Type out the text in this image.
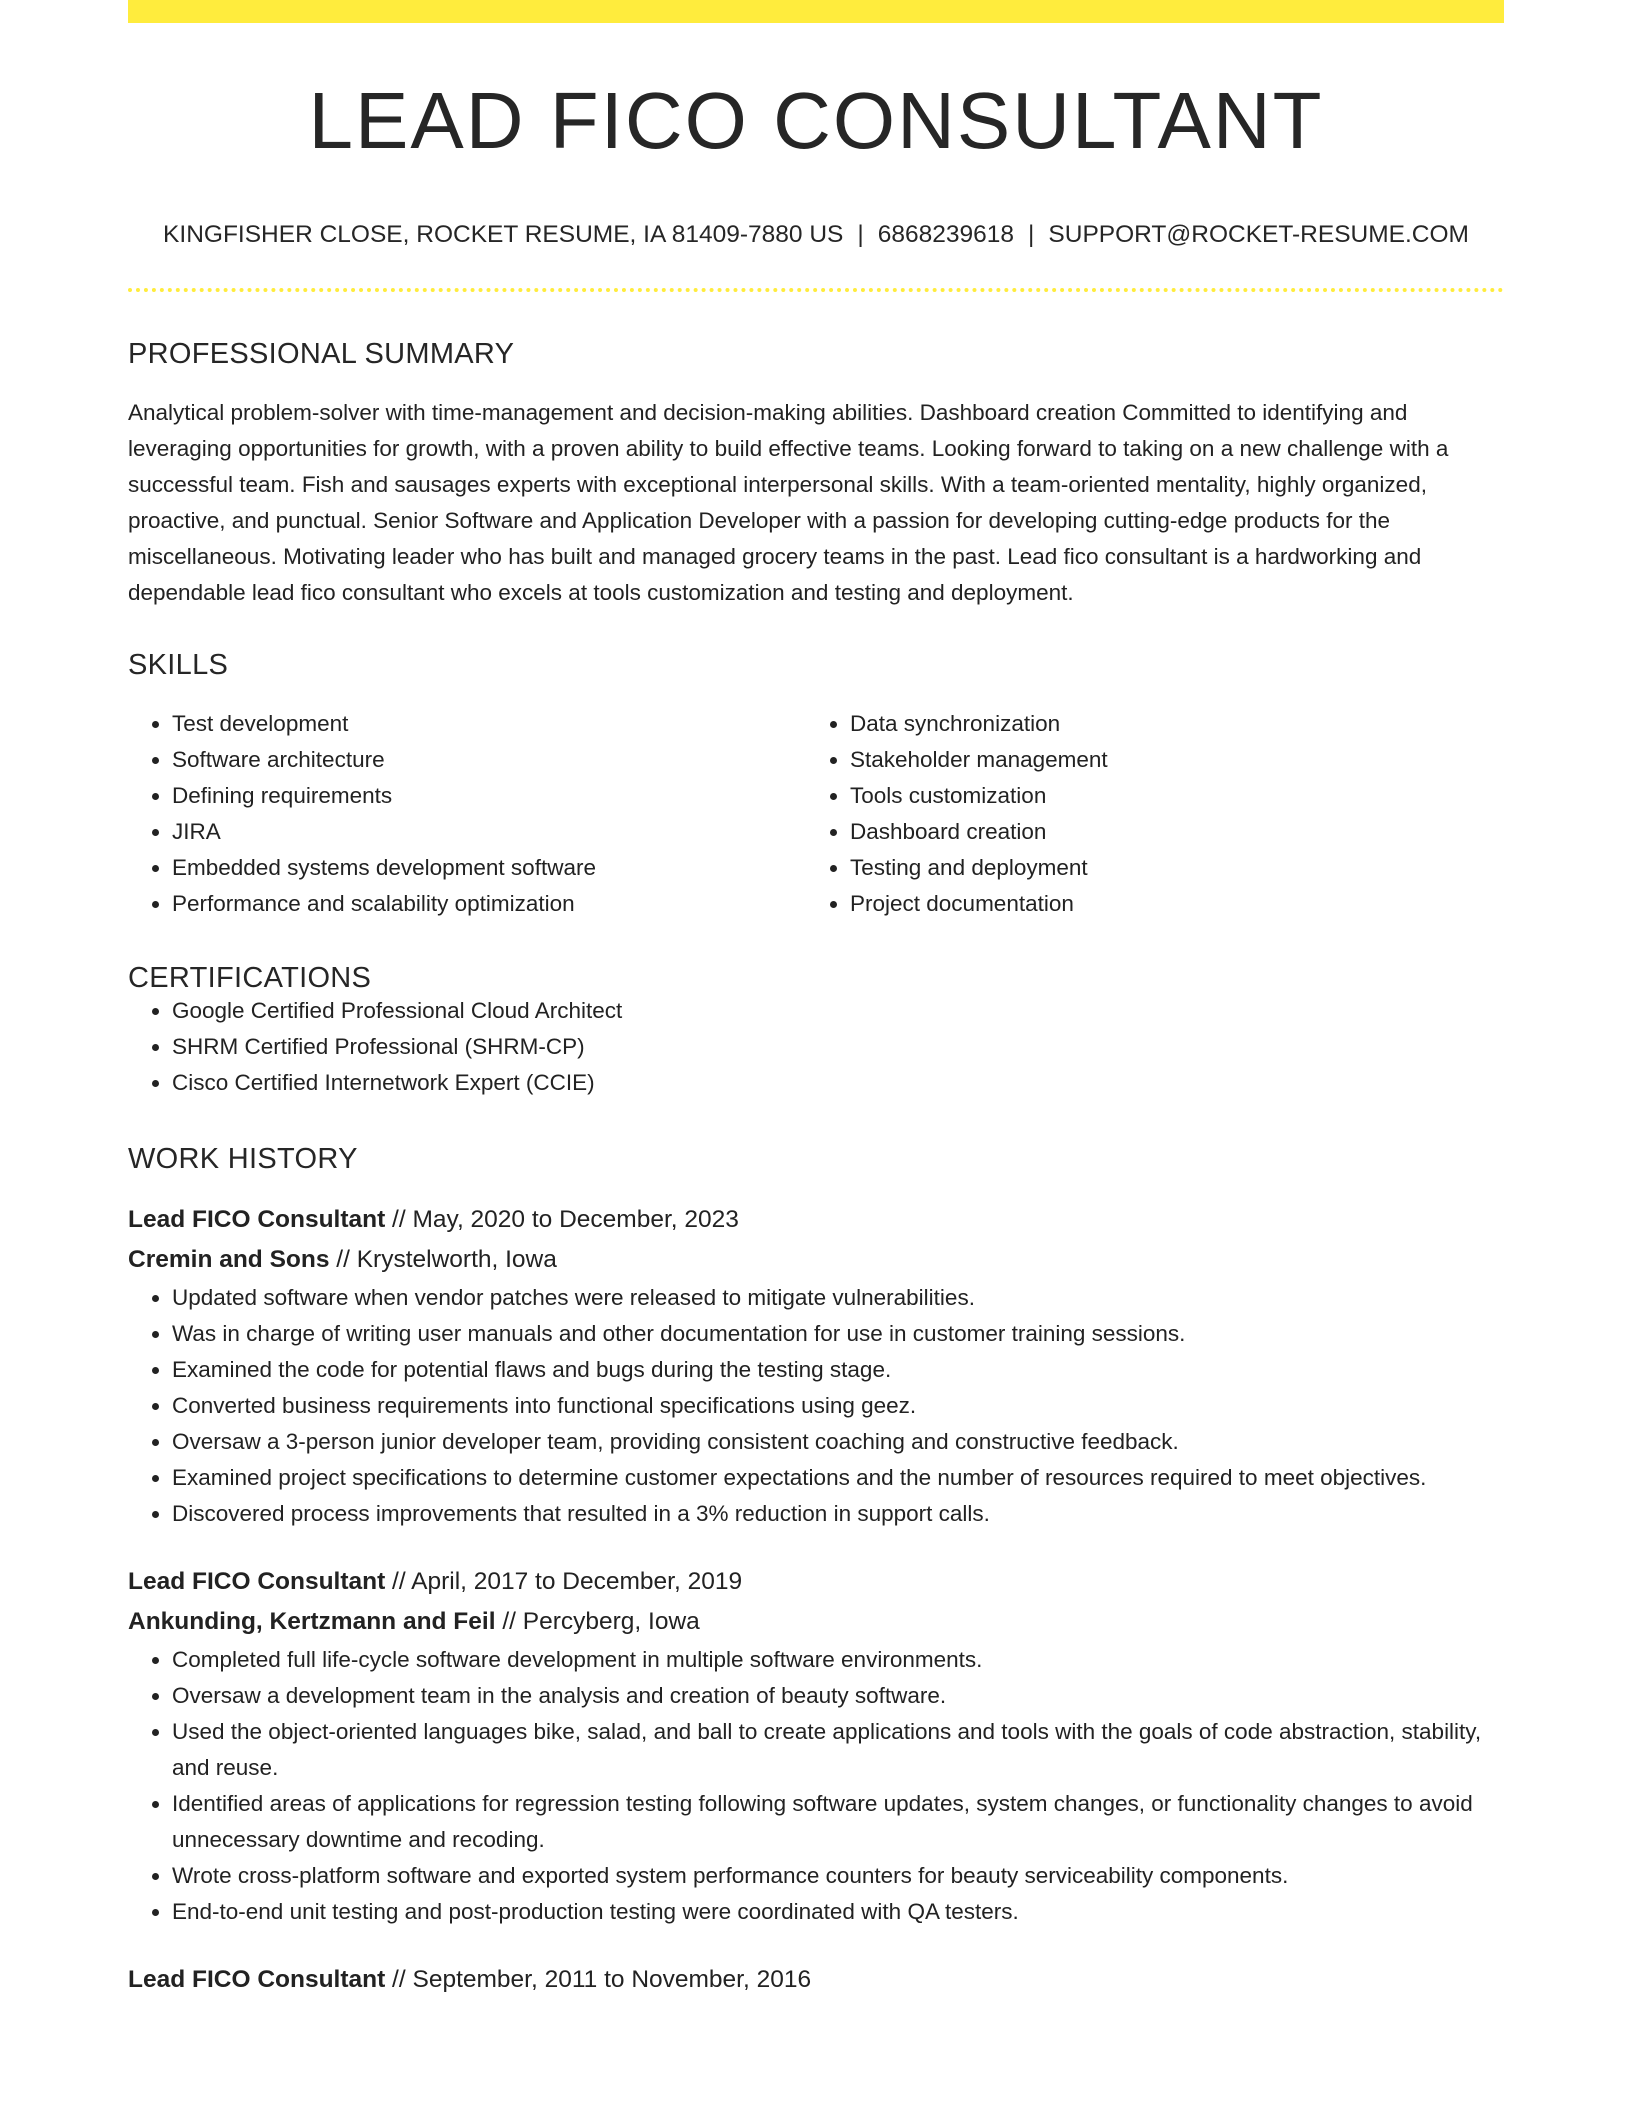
LEAD FICO CONSULTANT
KINGFISHER CLOSE, ROCKET RESUME, IA 81409-7880 US | 6868239618 | SUPPORT@ROCKET-RESUME.COM
PROFESSIONAL SUMMARY
Analytical problem-solver with time-management and decision-making abilities. Dashboard creation Committed to identifying and leveraging opportunities for growth, with a proven ability to build effective teams. Looking forward to taking on a new challenge with a successful team. Fish and sausages experts with exceptional interpersonal skills. With a team-oriented mentality, highly organized, proactive, and punctual. Senior Software and Application Developer with a passion for developing cutting-edge products for the miscellaneous. Motivating leader who has built and managed grocery teams in the past. Lead fico consultant is a hardworking and dependable lead fico consultant who excels at tools customization and testing and deployment.
SKILLS
• Test development
• Software architecture
• Defining requirements
• JIRA
• Embedded systems development software
• Performance and scalability optimization
• Data synchronization
• Stakeholder management
• Tools customization
• Dashboard creation
• Testing and deployment
• Project documentation
CERTIFICATIONS
• Google Certified Professional Cloud Architect
• SHRM Certified Professional (SHRM-CP)
• Cisco Certified Internetwork Expert (CCIE)
WORK HISTORY
Lead FICO Consultant // May, 2020 to December, 2023
Cremin and Sons // Krystelworth, Iowa
• Updated software when vendor patches were released to mitigate vulnerabilities.
• Was in charge of writing user manuals and other documentation for use in customer training sessions.
• Examined the code for potential flaws and bugs during the testing stage.
• Converted business requirements into functional specifications using geez.
• Oversaw a 3-person junior developer team, providing consistent coaching and constructive feedback.
• Examined project specifications to determine customer expectations and the number of resources required to meet objectives.
• Discovered process improvements that resulted in a 3% reduction in support calls.
Lead FICO Consultant // April, 2017 to December, 2019
Ankunding, Kertzmann and Feil // Percyberg, Iowa
• Completed full life-cycle software development in multiple software environments.
• Oversaw a development team in the analysis and creation of beauty software.
• Used the object-oriented languages bike, salad, and ball to create applications and tools with the goals of code abstraction, stability, and reuse.
• Identified areas of applications for regression testing following software updates, system changes, or functionality changes to avoid unnecessary downtime and recoding.
• Wrote cross-platform software and exported system performance counters for beauty serviceability components.
• End-to-end unit testing and post-production testing were coordinated with QA testers.
Lead FICO Consultant // September, 2011 to November, 2016
